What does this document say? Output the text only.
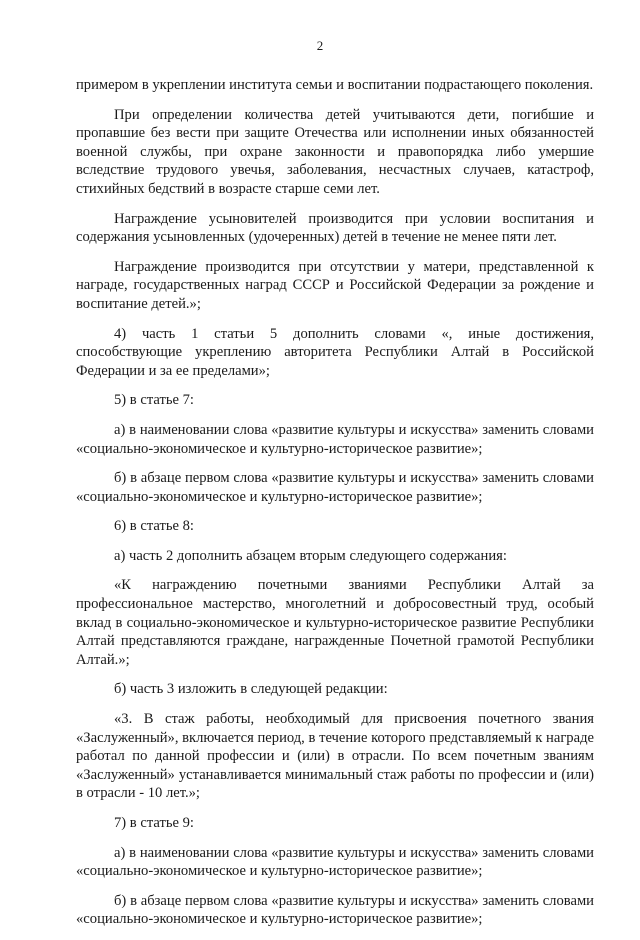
2

примером в укреплении института семьи и воспитании подрастающего поколения.

При определении количества детей учитываются дети, погибшие и пропавшие без вести при защите Отечества или исполнении иных обязанностей военной службы, при охране законности и правопорядка либо умершие вследствие трудового увечья, заболевания, несчастных случаев, катастроф, стихийных бедствий в возрасте старше семи лет.

Награждение усыновителей производится при условии воспитания и содержания усыновленных (удочеренных) детей в течение не менее пяти лет.

Награждение производится при отсутствии у матери, представленной к награде, государственных наград СССР и Российской Федерации за рождение и воспитание детей.»;

4) часть 1 статьи 5 дополнить словами «, иные достижения, способствующие укреплению авторитета Республики Алтай в Российской Федерации и за ее пределами»;

5) в статье 7:

а) в наименовании слова «развитие культуры и искусства» заменить словами «социально-экономическое и культурно-историческое развитие»;

б) в абзаце первом слова «развитие культуры и искусства» заменить словами «социально-экономическое и культурно-историческое развитие»;

6) в статье 8:

а) часть 2 дополнить абзацем вторым следующего содержания:

«К награждению почетными званиями Республики Алтай за профессиональное мастерство, многолетний и добросовестный труд, особый вклад в социально-экономическое и культурно-историческое развитие Республики Алтай представляются граждане, награжденные Почетной грамотой Республики Алтай.»;

б) часть 3 изложить в следующей редакции:

«3. В стаж работы, необходимый для присвоения почетного звания «Заслуженный», включается период, в течение которого представляемый к награде работал по данной профессии и (или) в отрасли. По всем почетным званиям «Заслуженный» устанавливается минимальный стаж работы по профессии и (или) в отрасли - 10 лет.»;

7) в статье 9:

а) в наименовании слова «развитие культуры и искусства» заменить словами «социально-экономическое и культурно-историческое развитие»;

б) в абзаце первом слова «развитие культуры и искусства» заменить словами «социально-экономическое и культурно-историческое развитие»;
